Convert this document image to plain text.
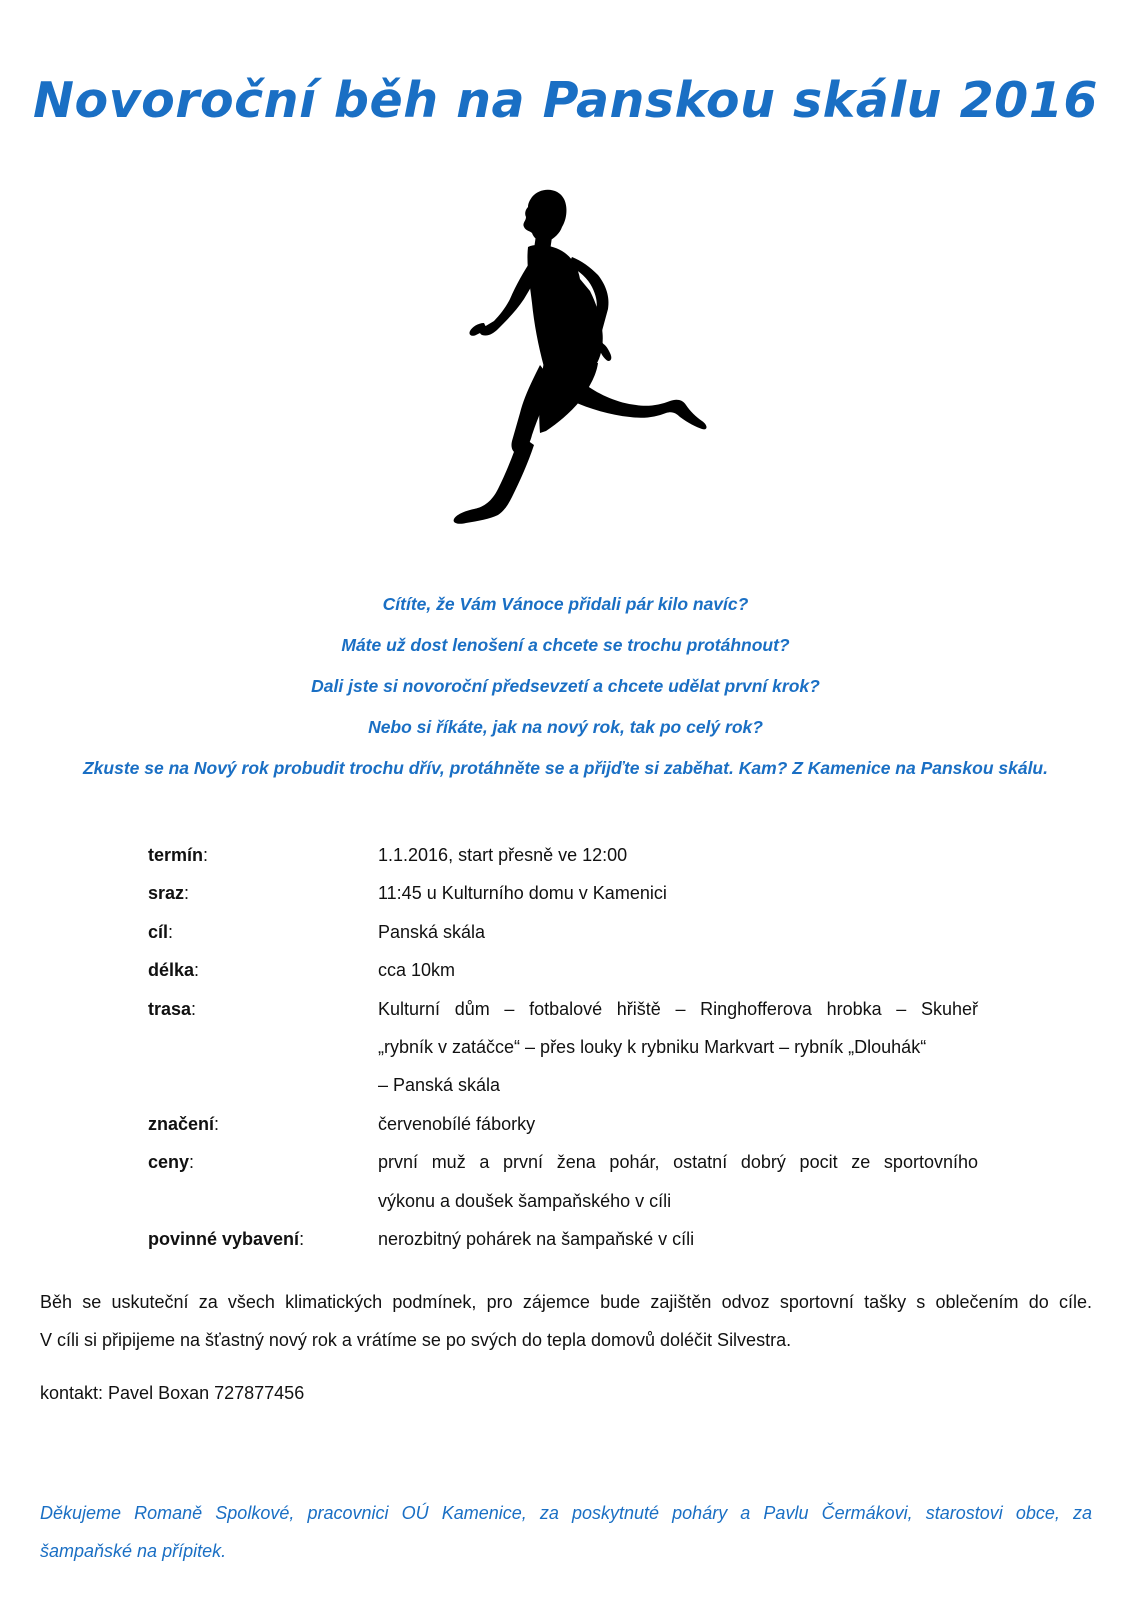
Novoroční běh na Panskou skálu 2016
Cítíte, že Vám Vánoce přidali pár kilo navíc?
Máte už dost lenošení a chcete se trochu protáhnout?
Dali jste si novoroční předsevzetí a chcete udělat první krok?
Nebo si říkáte, jak na nový rok, tak po celý rok?
Zkuste se na Nový rok probudit trochu dřív, protáhněte se a přijďte si zaběhat. Kam? Z Kamenice na Panskou skálu.
termín:	1.1.2016, start přesně ve 12:00
sraz:	11:45 u Kulturního domu v Kamenici
cíl:	Panská skála
délka:	cca 10km
trasa:	Kulturní dům – fotbalové hřiště – Ringhofferova hrobka – Skuheř
„rybník v zatáčce“ – přes louky k rybniku Markvart – rybník „Dlouhák“
– Panská skála
značení:	červenobílé fáborky
ceny:	první muž a první žena pohár, ostatní dobrý pocit ze sportovního
výkonu a doušek šampaňského v cíli
povinné vybavení:	nerozbitný pohárek na šampaňské v cíli
Běh se uskuteční za všech klimatických podmínek, pro zájemce bude zajištěn odvoz sportovní tašky s oblečením do cíle.
V cíli si připijeme na šťastný nový rok a vrátíme se po svých do tepla domovů doléčit Silvestra.
kontakt: Pavel Boxan 727877456
Děkujeme Romaně Spolkové, pracovnici OÚ Kamenice, za poskytnuté poháry a Pavlu Čermákovi, starostovi obce, za
šampaňské na přípitek.
